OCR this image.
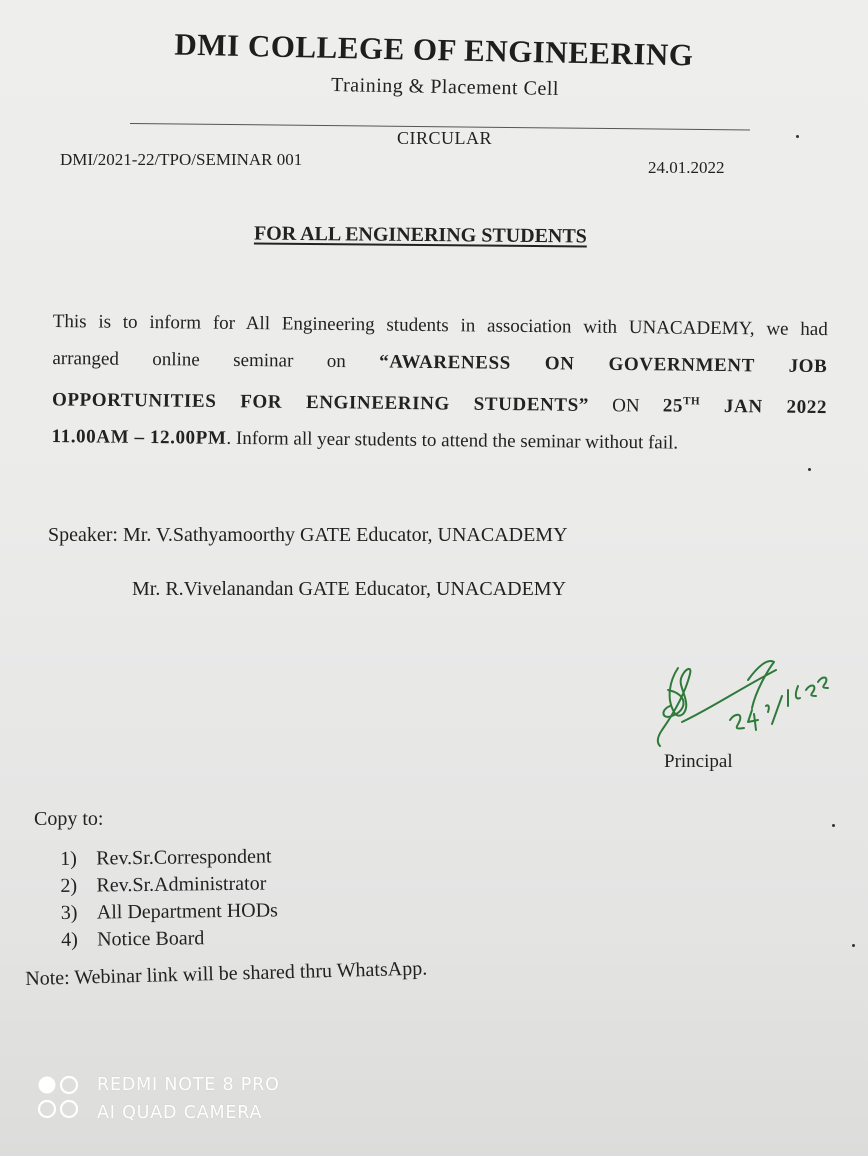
DMI COLLEGE OF ENGINEERING
Training & Placement Cell
CIRCULAR
DMI/2021-22/TPO/SEMINAR 001	24.01.2022
FOR ALL ENGINERING STUDENTS
This is to inform for All Engineering students in association with UNACADEMY, we had
arranged online seminar on “AWARENESS ON GOVERNMENT JOB
OPPORTUNITIES FOR ENGINEERING STUDENTS” ON 25TH JAN 2022
11.00AM – 12.00PM. Inform all year students to attend the seminar without fail.
Speaker: Mr. V.Sathyamoorthy GATE Educator, UNACADEMY
Mr. R.Vivelanandan GATE Educator, UNACADEMY
24/1/22
Principal
Copy to:
1) Rev.Sr.Correspondent
2) Rev.Sr.Administrator
3) All Department HODs
4) Notice Board
Note: Webinar link will be shared thru WhatsApp.
REDMI NOTE 8 PRO
AI QUAD CAMERA
